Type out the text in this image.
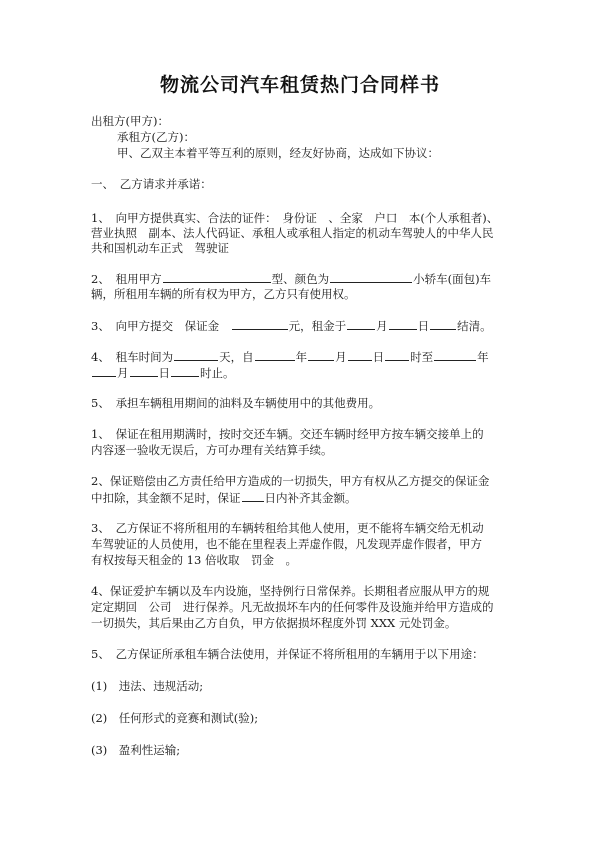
物流公司汽车租赁热门合同样书
出租方(甲方)：
承租方(乙方)：
甲、乙双主本着平等互利的原则，经友好协商，达成如下协议：
一、　乙方请求并承诺：
1、　向甲方提供真实、合法的证件：　身份证　、全家　户口　本(个人承租者)、
营业执照　副本、法人代码证、承租人或承租人指定的机动车驾驶人的中华人民
共和国机动车正式　驾驶证
2、　租用甲方	型、颜色为	小轿车(面包)车
辆，所租用车辆的所有权为甲方，乙方只有使用权。
3、　向甲方提交　保证金　	元，租金于	月	日 结清。
4、　租车时间为	天，自	年 月 日 时至	年
月	日	时止。
5、　承担车辆租用期间的油料及车辆使用中的其他费用。
1、　保证在租用期满时，按时交还车辆。交还车辆时经甲方按车辆交接单上的
内容逐一验收无误后，方可办理有关结算手续。
2、保证赔偿由乙方责任给甲方造成的一切损失，甲方有权从乙方提交的保证金
中扣除，其金额不足时，保证 日内补齐其金额。
3、　乙方保证不将所租用的车辆转租给其他人使用，更不能将车辆交给无机动
车驾驶证的人员使用，也不能在里程表上弄虚作假，凡发现弄虚作假者，甲方
有权按每天租金的 13 倍收取　罚金　。
4、保证爱护车辆以及车内设施，坚持例行日常保养。长期租者应服从甲方的规
定定期回　公司　进行保养。凡无故损坏车内的任何零件及设施并给甲方造成的
一切损失，其后果由乙方自负，甲方依据损坏程度外罚 XXX 元处罚金。
5、　乙方保证所承租车辆合法使用，并保证不将所租用的车辆用于以下用途：
(1)　违法、违规活动;
(2)　任何形式的竞赛和测试(验);
(3)　盈利性运输;
